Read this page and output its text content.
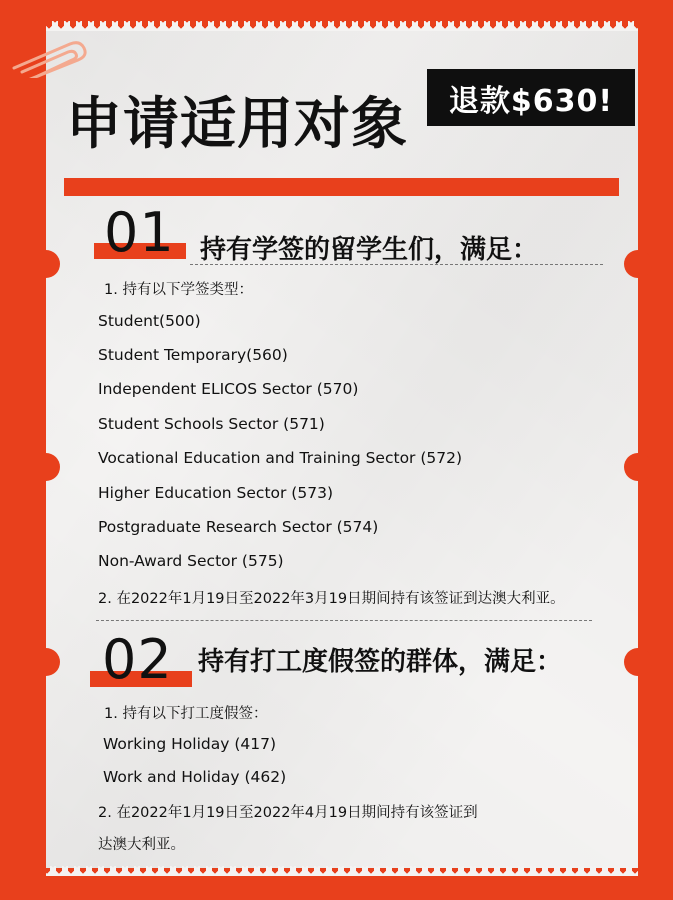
申请适用对象	退款$630!
01 持有学签的留学生们，满足：
1. 持有以下学签类型：
Student(500)
Student Temporary(560)
Independent ELICOS Sector (570)
Student Schools Sector (571)
Vocational Education and Training Sector (572)
Higher Education Sector (573)
Postgraduate Research Sector (574)
Non-Award Sector (575)
2. 在2022年1月19日至2022年3月19日期间持有该签证到达澳大利亚。
02 持有打工度假签的群体，满足：
1. 持有以下打工度假签：
Working Holiday (417)
Work and Holiday (462)
2. 在2022年1月19日至2022年4月19日期间持有该签证到
达澳大利亚。
